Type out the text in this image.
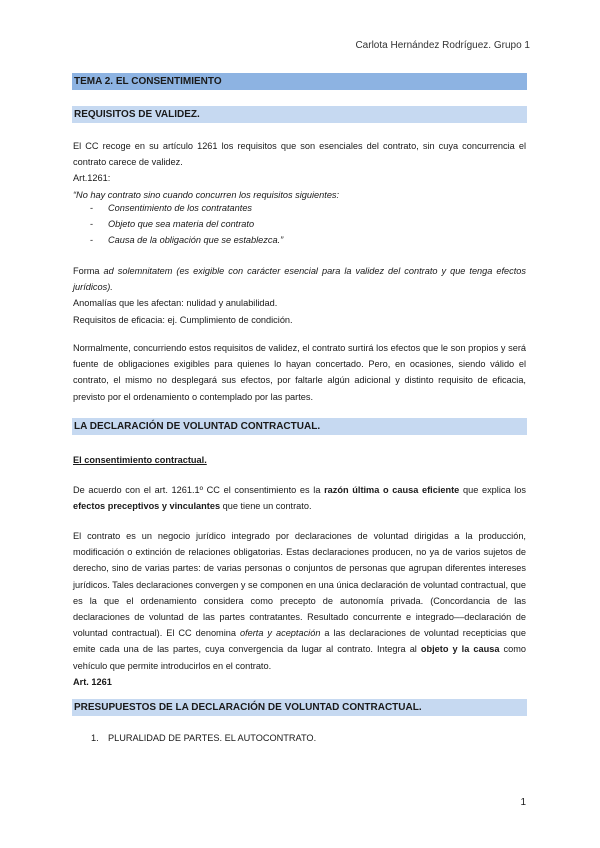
Carlota Hernández Rodríguez. Grupo 1
TEMA 2. EL CONSENTIMIENTO
REQUISITOS DE VALIDEZ.

El CC recoge en su artículo 1261 los requisitos que son esenciales del contrato, sin cuya concurrencia el contrato carece de validez.

Art.1261:

“No hay contrato sino cuando concurren los requisitos siguientes:

- Consentimiento de los contratantes
- Objeto que sea materia del contrato
- Causa de la obligación que se establezca.”

Forma ad solemnitatem (es exigible con carácter esencial para la validez del contrato y que tenga efectos jurídicos).

Anomalías que les afectan: nulidad y anulabilidad.

Requisitos de eficacia: ej. Cumplimiento de condición.

Normalmente, concurriendo estos requisitos de validez, el contrato surtirá los efectos que le son propios y será fuente de obligaciones exigibles para quienes lo hayan concertado. Pero, en ocasiones, siendo válido el contrato, el mismo no desplegará sus efectos, por faltarle algún adicional y distinto requisito de eficacia, previsto por el ordenamiento o contemplado por las partes.

LA DECLARACIÓN DE VOLUNTAD CONTRACTUAL.

El consentimiento contractual.

De acuerdo con el art. 1261.1º CC el consentimiento es la razón última o causa eficiente que explica los efectos preceptivos y vinculantes que tiene un contrato.

El contrato es un negocio jurídico integrado por declaraciones de voluntad dirigidas a la producción, modificación o extinción de relaciones obligatorias. Estas declaraciones producen, no ya de varios sujetos de derecho, sino de varias partes: de varias personas o conjuntos de personas que agrupan diferentes intereses jurídicos. Tales declaraciones convergen y se componen en una única declaración de voluntad contractual, que es la que el ordenamiento considera como precepto de autonomía privada. (Concordancia de las declaraciones de voluntad de las partes contratantes. Resultado concurrente e integrado––declaración de voluntad contractual). El CC denomina oferta y aceptación a las declaraciones de voluntad recepticias que emite cada una de las partes, cuya convergencia da lugar al contrato. Integra al objeto y la causa como vehículo que permite introducirlos en el contrato.

Art. 1261

PRESUPUESTOS DE LA DECLARACIÓN DE VOLUNTAD CONTRACTUAL.
1. PLURALIDAD DE PARTES. EL AUTOCONTRATO.
1
